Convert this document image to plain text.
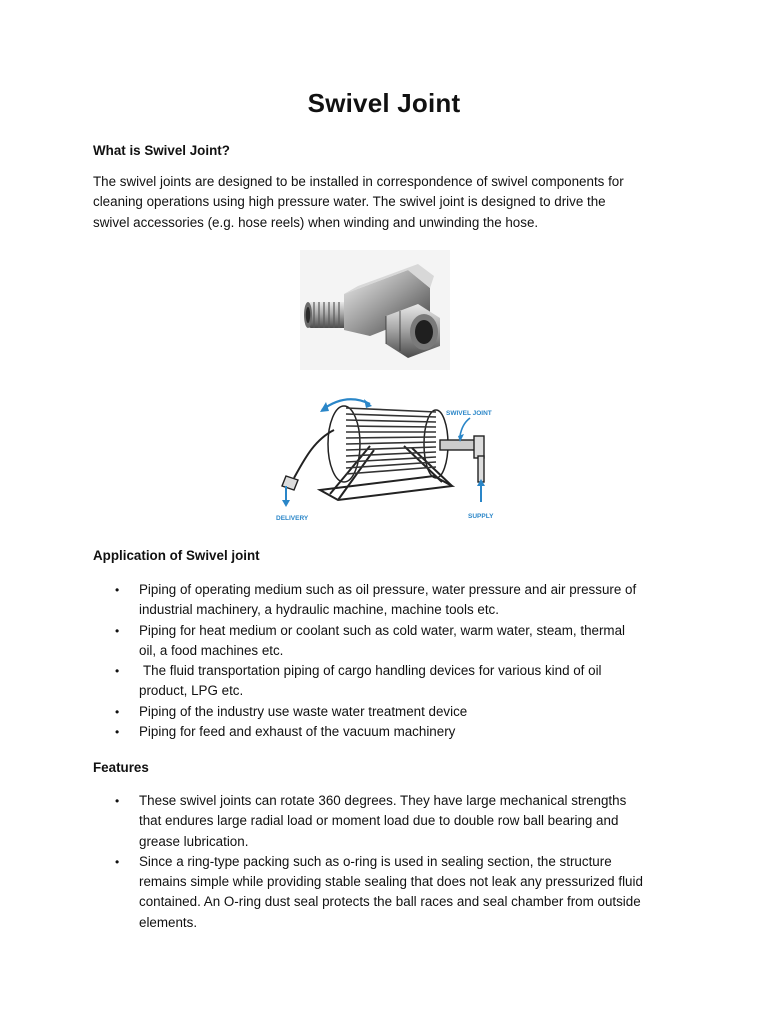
Swivel Joint

What is Swivel Joint?

The swivel joints are designed to be installed in correspondence of swivel components for
cleaning operations using high pressure water. The swivel joint is designed to drive the
swivel accessories (e.g. hose reels) when winding and unwinding the hose.
SWIVEL JOINT
DELIVERY	SUPPLY

Application of Swivel joint

• Piping of operating medium such as oil pressure, water pressure and air pressure of
industrial machinery, a hydraulic machine, machine tools etc.
• Piping for heat medium or coolant such as cold water, warm water, steam, thermal
oil, a food machines etc.
• The fluid transportation piping of cargo handling devices for various kind of oil
product, LPG etc.
• Piping of the industry use waste water treatment device
• Piping for feed and exhaust of the vacuum machinery

Features

• These swivel joints can rotate 360 degrees. They have large mechanical strengths
that endures large radial load or moment load due to double row ball bearing and
grease lubrication.
• Since a ring-type packing such as o-ring is used in sealing section, the structure
remains simple while providing stable sealing that does not leak any pressurized fluid
contained. An O-ring dust seal protects the ball races and seal chamber from outside
elements.
